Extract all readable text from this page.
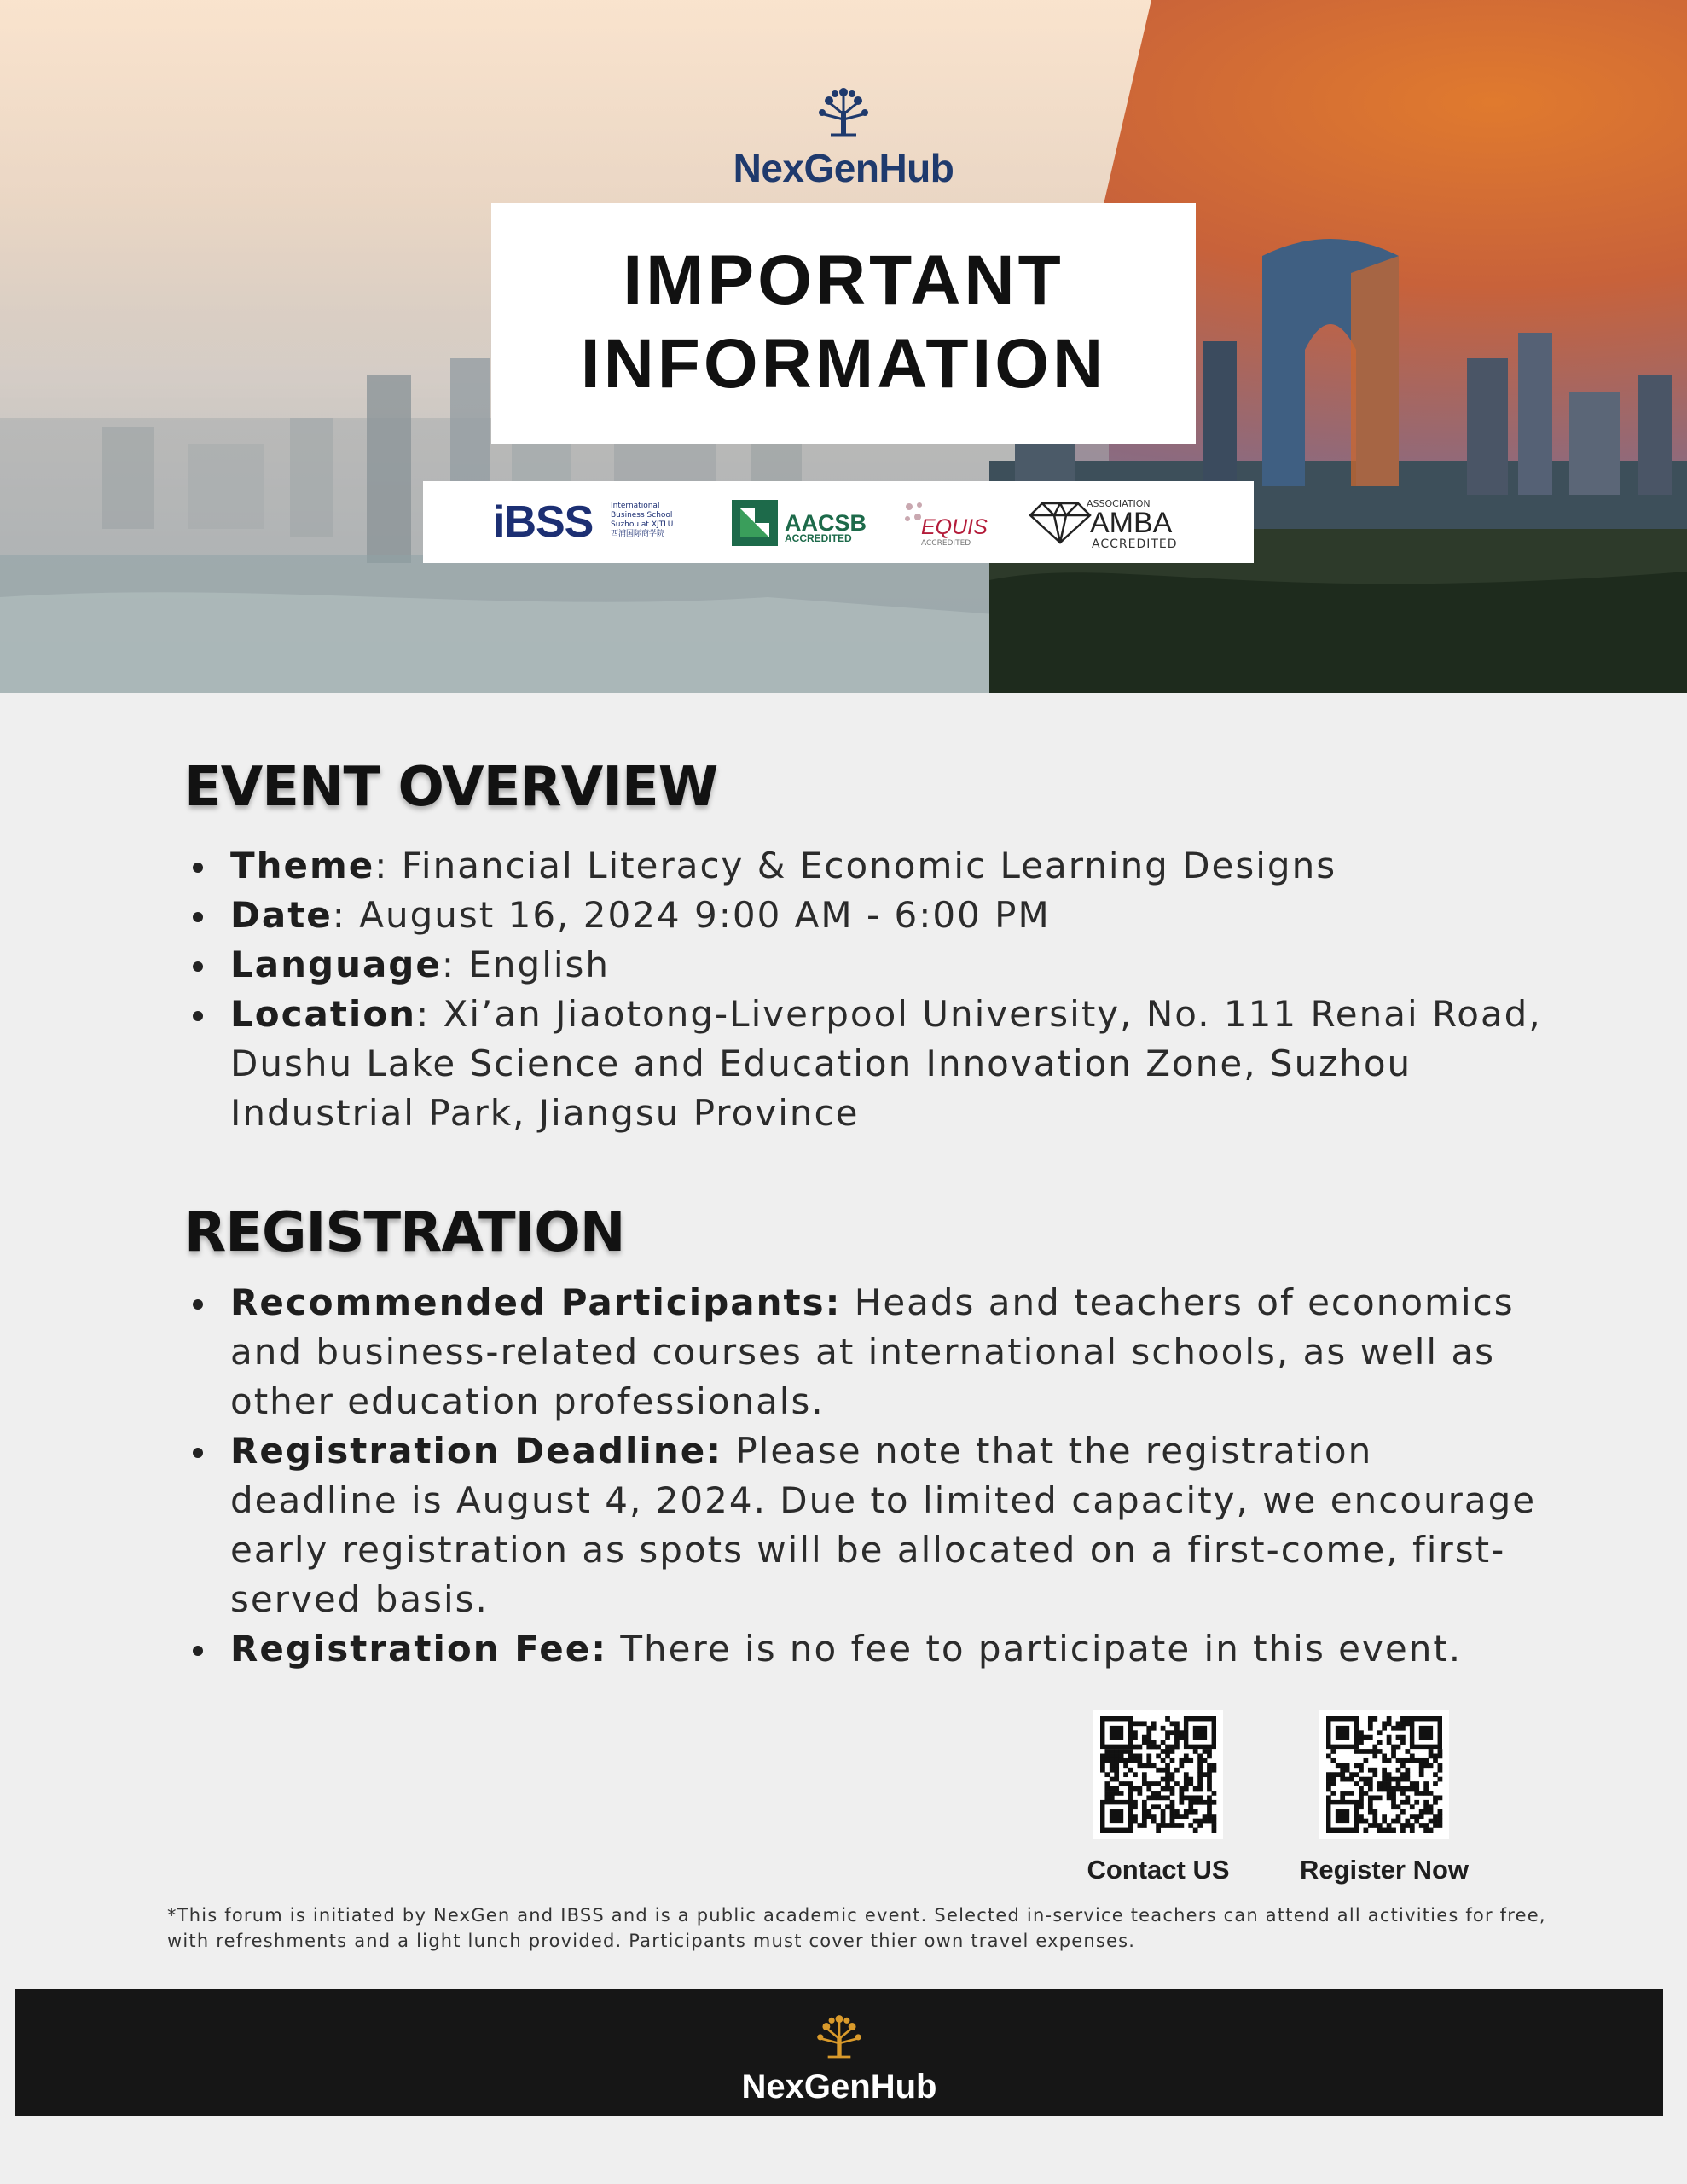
NexGenHub
IMPORTANT
INFORMATION
iBSS International
Business School
Suzhou at XJTLU
西浦国际商学院	AACSB
ACCREDITED	EQUIS
ACCREDITED
ASSOCIATION
AMBA
ACCREDITED
EVENT OVERVIEW
Theme: Financial Literacy & Economic Learning Designs
Date: August 16, 2024 9:00 AM - 6:00 PM
Language: English
Location: Xi’an Jiaotong-Liverpool University, No. 111 Renai Road, Dushu Lake Science and Education Innovation Zone, Suzhou Industrial Park, Jiangsu Province
REGISTRATION
Recommended Participants: Heads and teachers of economics and business-related courses at international schools, as well as other education professionals.
Registration Deadline: Please note that the registration deadline is August 4, 2024. Due to limited capacity, we encourage early registration as spots will be allocated on a first-come, first-served basis.
Registration Fee: There is no fee to participate in this event.
Contact US	Register Now
*This forum is initiated by NexGen and IBSS and is a public academic event. Selected in-service teachers can attend all activities for free, with refreshments and a light lunch provided. Participants must cover thier own travel expenses.
NexGenHub
